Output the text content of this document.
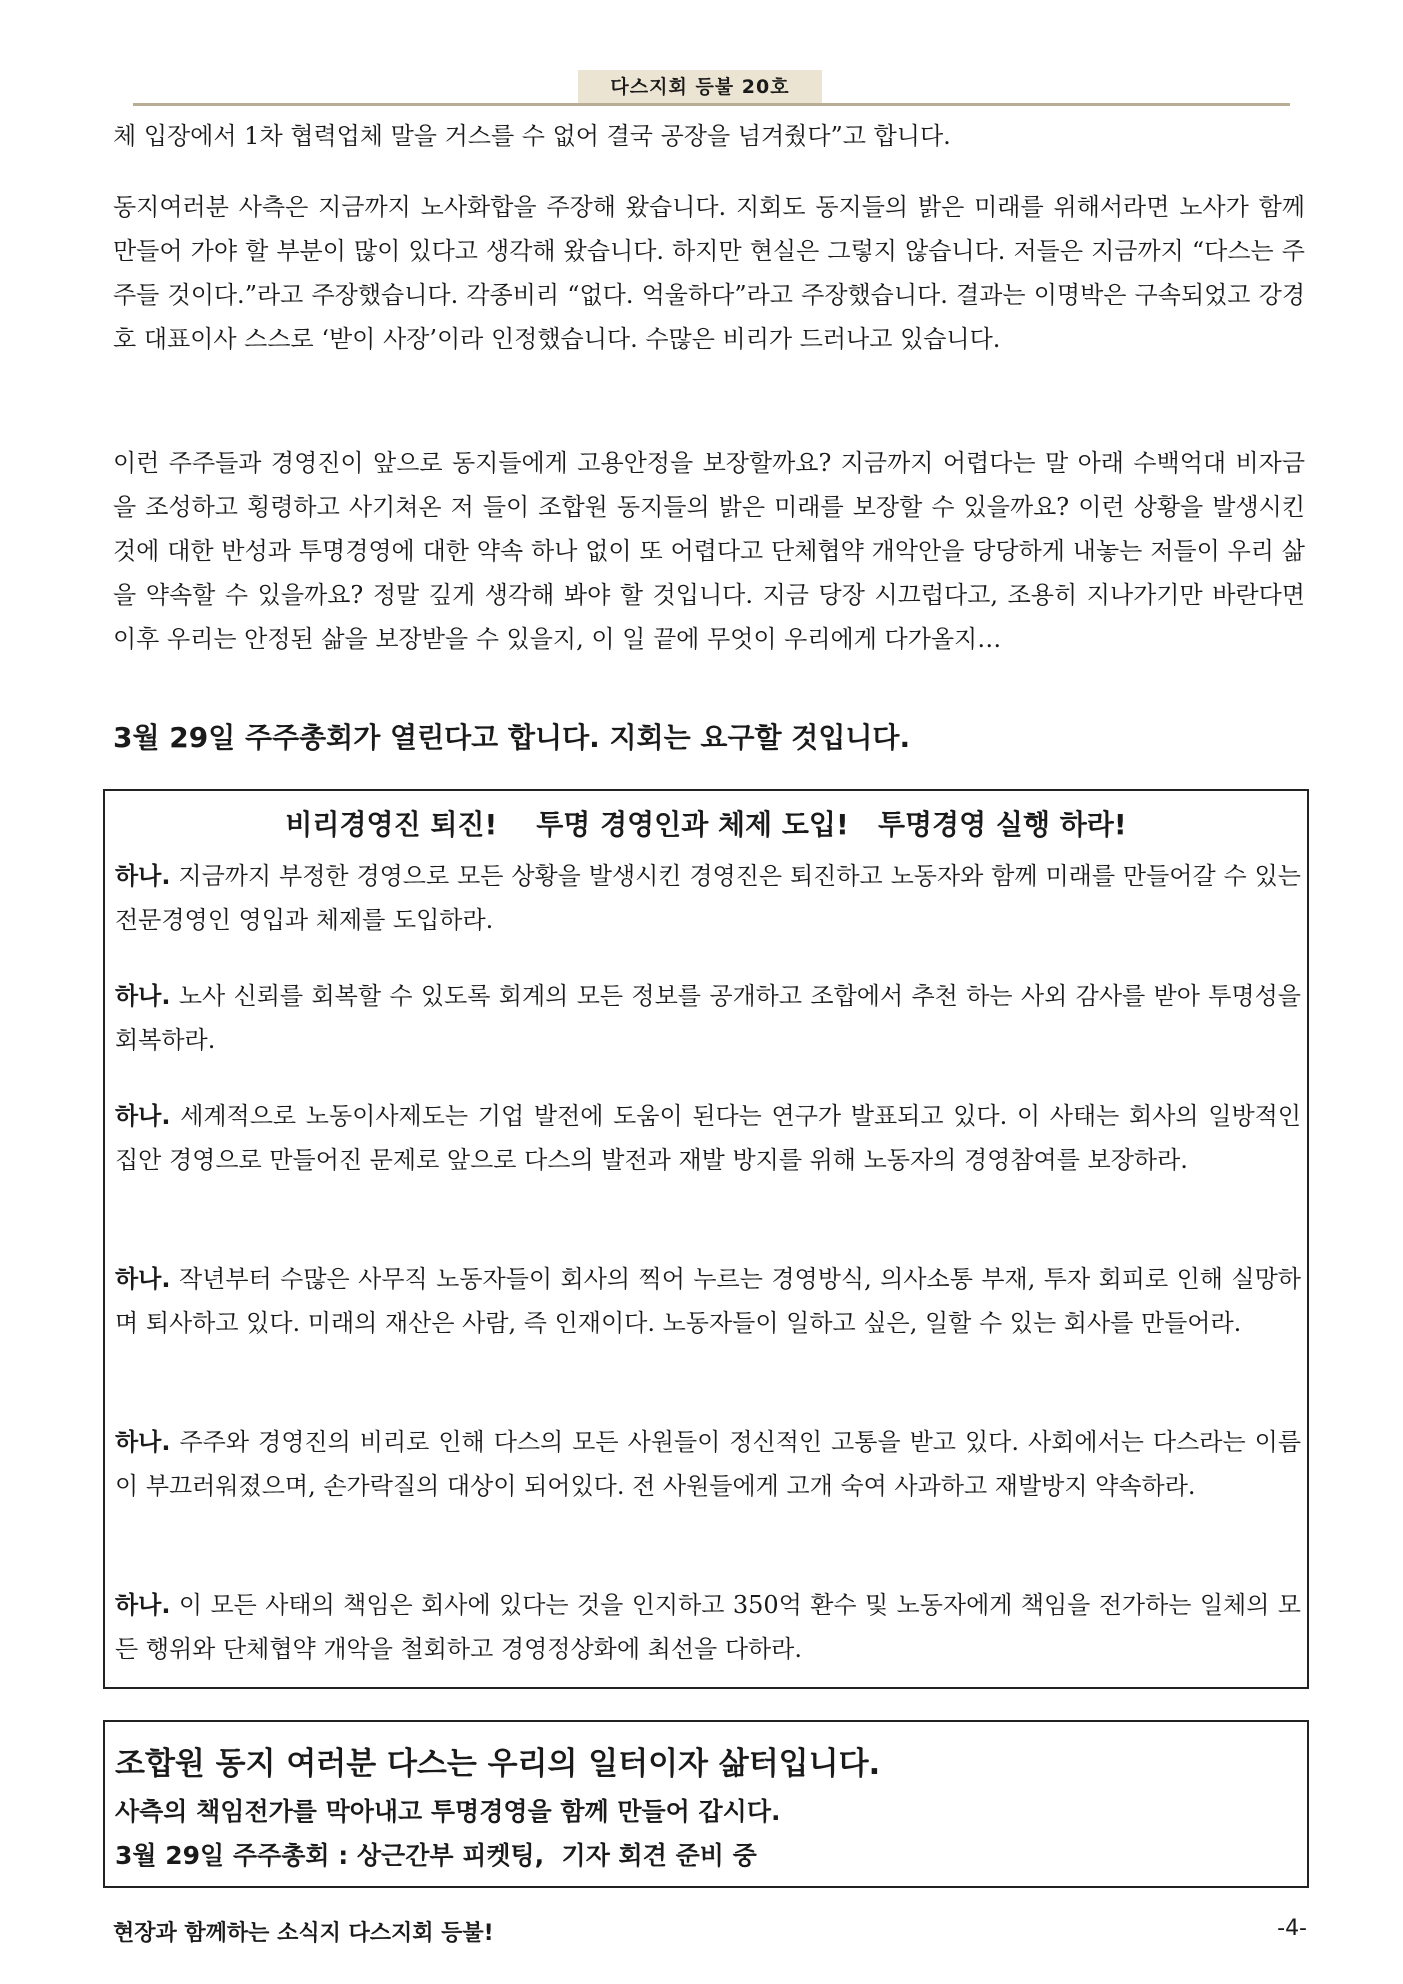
다스지회 등불 20호

체 입장에서 1차 협력업체 말을 거스를 수 없어 결국 공장을 넘겨줬다”고 합니다.

동지여러분 사측은 지금까지 노사화합을 주장해 왔습니다. 지회도 동지들의 밝은 미래를 위해서라면 노사가 함께 만들어 가야 할 부분이 많이 있다고 생각해 왔습니다. 하지만 현실은 그렇지 않습니다. 저들은 지금까지 “다스는 주주들 것이다.”라고 주장했습니다. 각종비리 “없다. 억울하다”라고 주장했습니다. 결과는 이명박은 구속되었고 강경호 대표이사 스스로 ‘받이 사장’이라 인정했습니다. 수많은 비리가 드러나고 있습니다.

이런 주주들과 경영진이 앞으로 동지들에게 고용안정을 보장할까요? 지금까지 어렵다는 말 아래 수백억대 비자금을 조성하고 횡령하고 사기쳐온 저 들이 조합원 동지들의 밝은 미래를 보장할 수 있을까요? 이런 상황을 발생시킨 것에 대한 반성과 투명경영에 대한 약속 하나 없이 또 어렵다고 단체협약 개악안을 당당하게 내놓는 저들이 우리 삶을 약속할 수 있을까요? 정말 깊게 생각해 봐야 할 것입니다. 지금 당장 시끄럽다고, 조용히 지나가기만 바란다면 이후 우리는 안정된 삶을 보장받을 수 있을지, 이 일 끝에 무엇이 우리에게 다가올지…

3월 29일 주주총회가 열린다고 합니다. 지회는 요구할 것입니다.

비리경영진 퇴진!    투명 경영인과 체제 도입!   투명경영 실행 하라!

하나. 지금까지 부정한 경영으로 모든 상황을 발생시킨 경영진은 퇴진하고 노동자와 함께 미래를 만들어갈 수 있는 전문경영인 영입과 체제를 도입하라.

하나. 노사 신뢰를 회복할 수 있도록 회계의 모든 정보를 공개하고 조합에서 추천 하는 사외 감사를 받아 투명성을 회복하라.

하나. 세계적으로 노동이사제도는 기업 발전에 도움이 된다는 연구가 발표되고 있다. 이 사태는 회사의 일방적인 집안 경영으로 만들어진 문제로 앞으로 다스의 발전과 재발 방지를 위해 노동자의 경영참여를 보장하라.

하나. 작년부터 수많은 사무직 노동자들이 회사의 찍어 누르는 경영방식, 의사소통 부재, 투자 회피로 인해 실망하며 퇴사하고 있다. 미래의 재산은 사람, 즉 인재이다. 노동자들이 일하고 싶은, 일할 수 있는 회사를 만들어라.

하나. 주주와 경영진의 비리로 인해 다스의 모든 사원들이 정신적인 고통을 받고 있다. 사회에서는 다스라는 이름이 부끄러워졌으며, 손가락질의 대상이 되어있다. 전 사원들에게 고개 숙여 사과하고 재발방지 약속하라.

하나. 이 모든 사태의 책임은 회사에 있다는 것을 인지하고 350억 환수 및 노동자에게 책임을 전가하는 일체의 모든 행위와 단체협약 개악을 철회하고 경영정상화에 최선을 다하라.

조합원 동지 여러분 다스는 우리의 일터이자 삶터입니다.

사측의 책임전가를 막아내고 투명경영을 함께 만들어 갑시다.

3월 29일 주주총회 : 상근간부 피켓팅,  기자 회견 준비 중

현장과 함께하는 소식지 다스지회 등불!	-4-
